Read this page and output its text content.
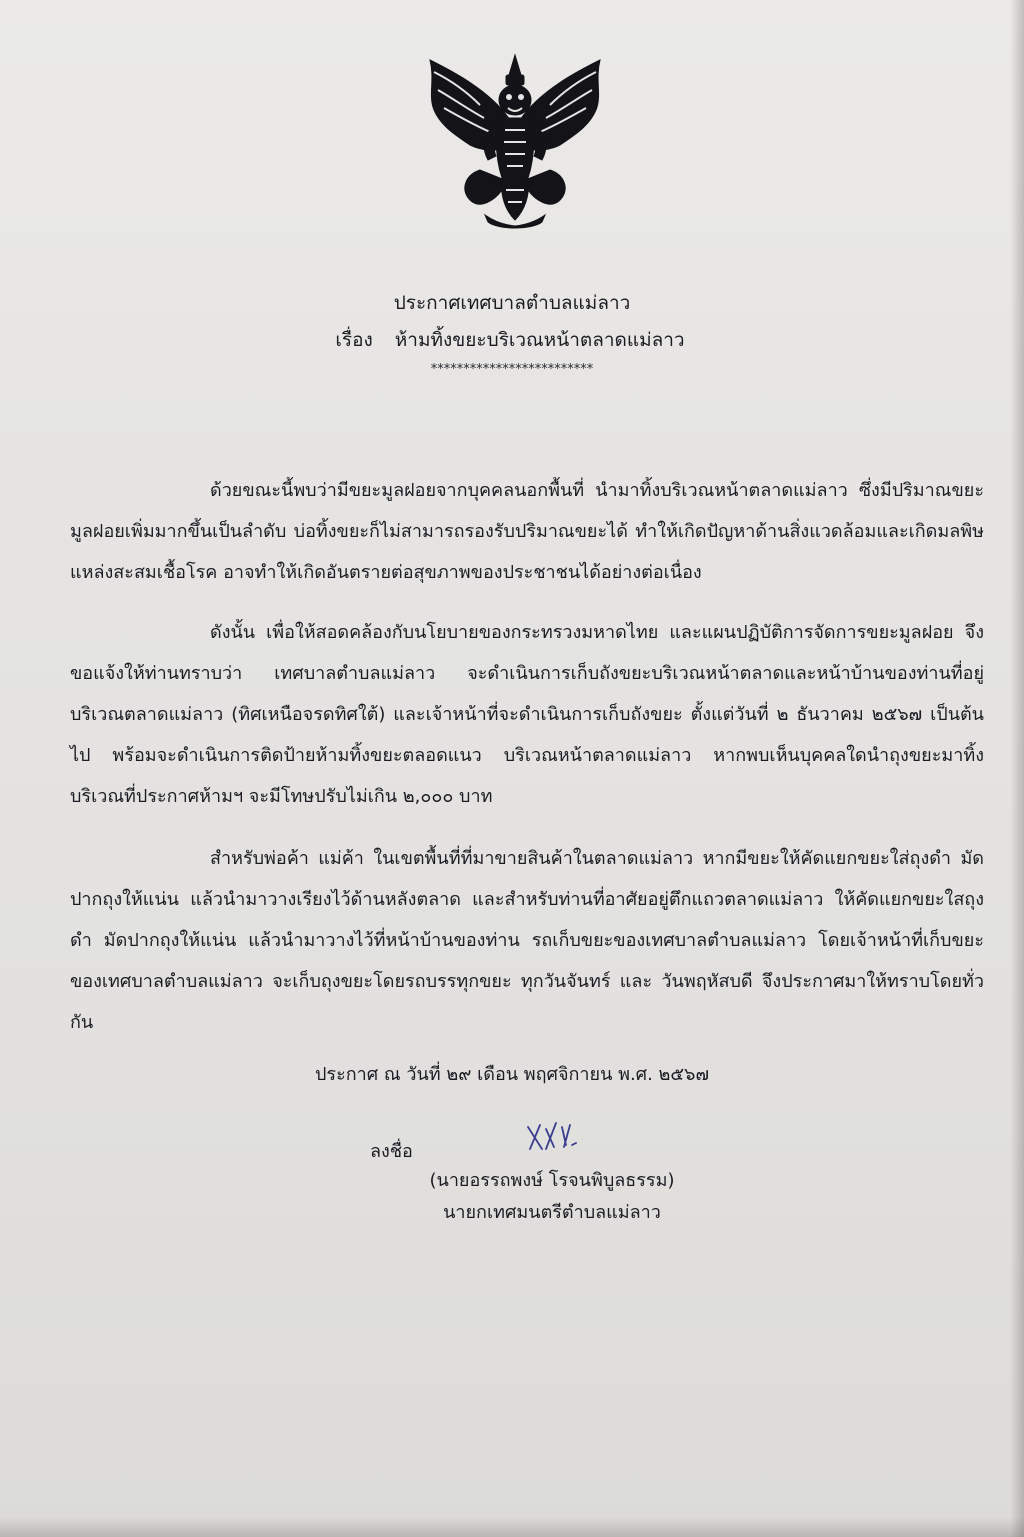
ประกาศเทศบาลตำบลแม่ลาว
เรื่อง ห้ามทิ้งขยะบริเวณหน้าตลาดแม่ลาว
*************************

ด้วยขณะนี้พบว่ามีขยะมูลฝอยจากบุคคลนอกพื้นที่ นำมาทิ้งบริเวณหน้าตลาดแม่ลาว ซึ่งมีปริมาณขยะมูลฝอยเพิ่มมากขึ้นเป็นลำดับ บ่อทิ้งขยะก็ไม่สามารถรองรับปริมาณขยะได้ ทำให้เกิดปัญหาด้านสิ่งแวดล้อมและเกิดมลพิษ แหล่งสะสมเชื้อโรค อาจทำให้เกิดอันตรายต่อสุขภาพของประชาชนได้อย่างต่อเนื่อง

ดังนั้น เพื่อให้สอดคล้องกับนโยบายของกระทรวงมหาดไทย และแผนปฏิบัติการจัดการขยะมูลฝอย จึงขอแจ้งให้ท่านทราบว่า เทศบาลตำบลแม่ลาว จะดำเนินการเก็บถังขยะบริเวณหน้าตลาดและหน้าบ้านของท่านที่อยู่บริเวณตลาดแม่ลาว (ทิศเหนือจรดทิศใต้) และเจ้าหน้าที่จะดำเนินการเก็บถังขยะ ตั้งแต่วันที่ ๒ ธันวาคม ๒๕๖๗ เป็นต้นไป พร้อมจะดำเนินการติดป้ายห้ามทิ้งขยะตลอดแนว บริเวณหน้าตลาดแม่ลาว หากพบเห็นบุคคลใดนำถุงขยะมาทิ้งบริเวณที่ประกาศห้ามฯ จะมีโทษปรับไม่เกิน ๒,๐๐๐ บาท

สำหรับพ่อค้า แม่ค้า ในเขตพื้นที่ที่มาขายสินค้าในตลาดแม่ลาว หากมีขยะให้คัดแยกขยะใส่ถุงดำ มัดปากถุงให้แน่น แล้วนำมาวางเรียงไว้ด้านหลังตลาด และสำหรับท่านที่อาศัยอยู่ตึกแถวตลาดแม่ลาว ให้คัดแยกขยะใสถุงดำ มัดปากถุงให้แน่น แล้วนำมาวางไว้ที่หน้าบ้านของท่าน รถเก็บขยะของเทศบาลตำบลแม่ลาว โดยเจ้าหน้าที่เก็บขยะของเทศบาลตำบลแม่ลาว จะเก็บถุงขยะโดยรถบรรทุกขยะ ทุกวันจันทร์ และ วันพฤหัสบดี จึงประกาศมาให้ทราบโดยทั่วกัน

ประกาศ ณ วันที่ ๒๙ เดือน พฤศจิกายน พ.ศ. ๒๕๖๗
ลงชื่อ
(นายอรรถพงษ์ โรจนพิบูลธรรม)
นายกเทศมนตรีตำบลแม่ลาว
